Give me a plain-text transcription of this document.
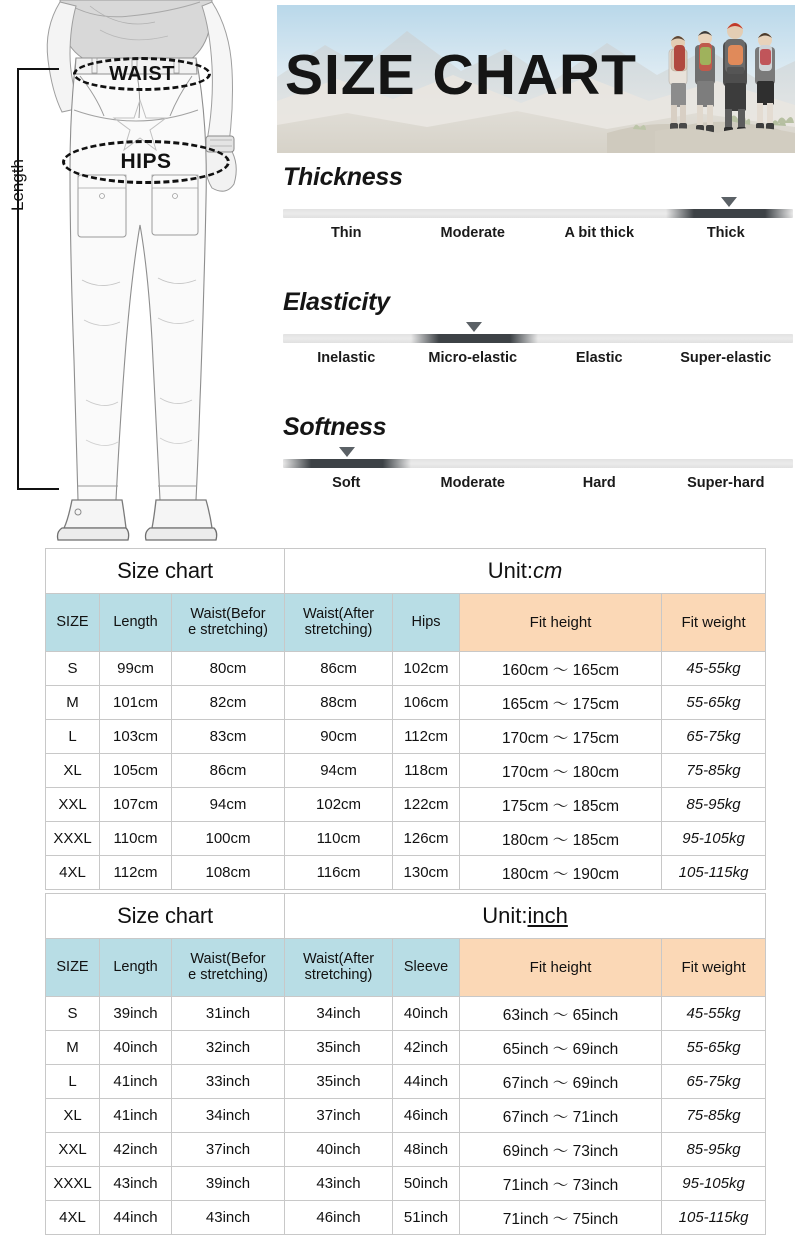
WAIST
HIPS
Length
SIZE CHART
Thickness
Thin	Moderate	A bit thick	Thick
Elasticity
Inelastic	Micro-elastic	Elastic	Super-elastic
Softness
Soft	Moderate	Hard	Super-hard
Size chart			Unit:cm			
SIZE	Length	Waist(Befor
e stretching)	Waist(After
stretching)	Hips	Fit height	Fit weight
S	99cm	80cm	86cm	102cm	160cm ～ 165cm	45-55kg
M	101cm	82cm	88cm	106cm	165cm ～ 175cm	55-65kg
L	103cm	83cm	90cm	112cm	170cm ～ 175cm	65-75kg
XL	105cm	86cm	94cm	118cm	170cm ～ 180cm	75-85kg
XXL	107cm	94cm	102cm	122cm	175cm ～ 185cm	85-95kg
XXXL	110cm	100cm	110cm	126cm	180cm ～ 185cm	95-105kg
4XL	112cm	108cm	116cm	130cm	180cm ～ 190cm	105-115kg
Size chart			Unit:inch			
SIZE	Length	Waist(Befor
e stretching)	Waist(After
stretching)	Sleeve	Fit height	Fit weight
S	39inch	31inch	34inch	40inch	63inch ～ 65inch	45-55kg
M	40inch	32inch	35inch	42inch	65inch ～ 69inch	55-65kg
L	41inch	33inch	35inch	44inch	67inch ～ 69inch	65-75kg
XL	41inch	34inch	37inch	46inch	67inch ～ 71inch	75-85kg
XXL	42inch	37inch	40inch	48inch	69inch ～ 73inch	85-95kg
XXXL	43inch	39inch	43inch	50inch	71inch ～ 73inch	95-105kg
4XL	44inch	43inch	46inch	51inch	71inch ～ 75inch	105-115kg
